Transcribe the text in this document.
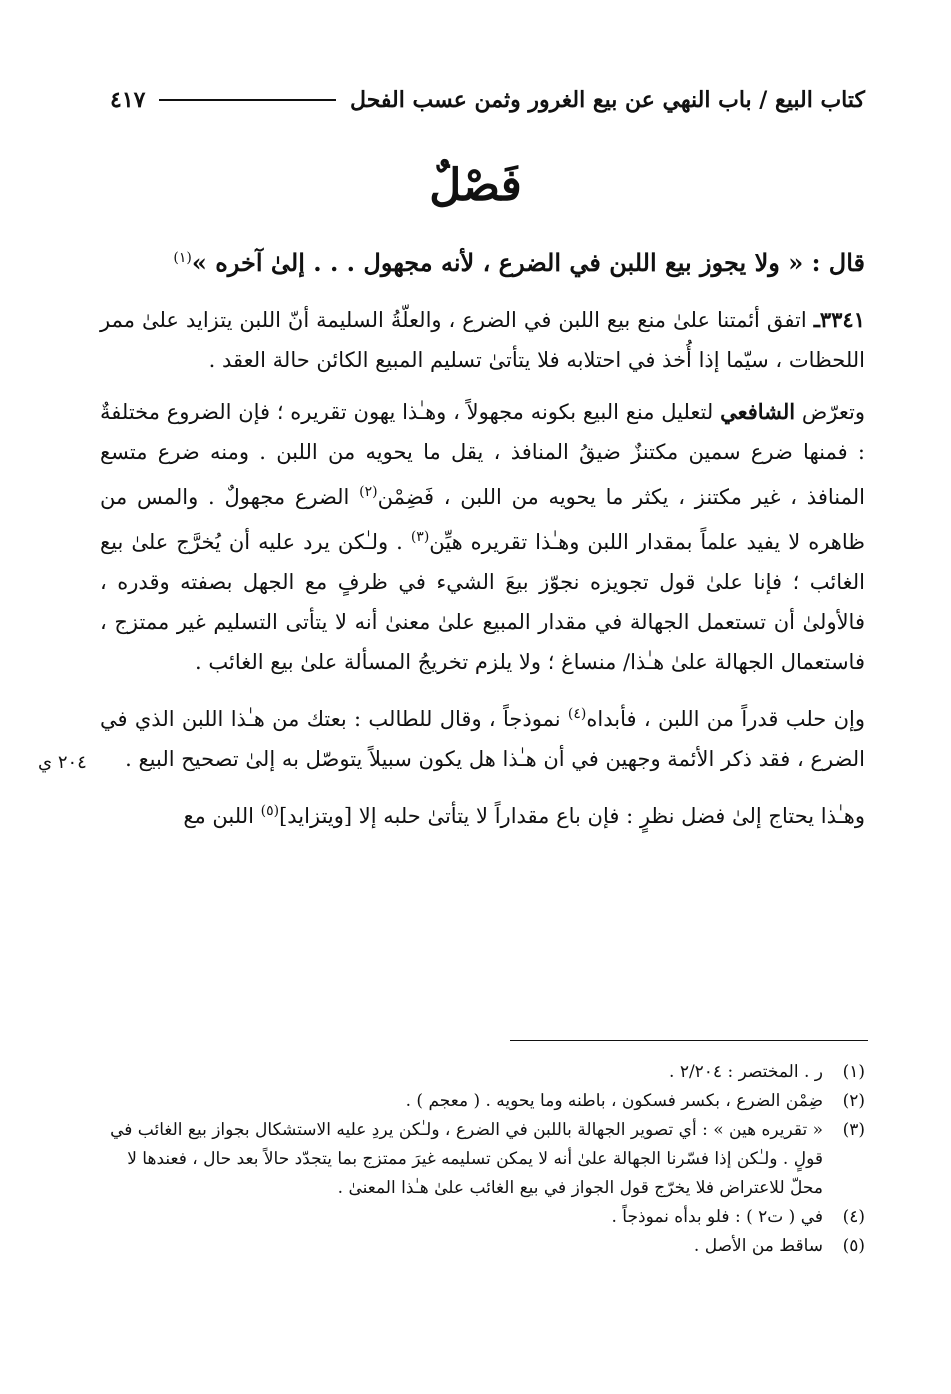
كتاب البيع / باب النهي عن بيع الغرور وثمن عسب الفحل
٤١٧
فَصْلٌ
قال : « ولا يجوز بيع اللبن في الضرع ، لأنه مجهول . . . إلىٰ آخره »$^{(١)}$

٣٣٤١ـ اتفق أئمتنا علىٰ منع بيع اللبن في الضرع ، والعلّةُ السليمة أنّ اللبن يتزايد علىٰ ممر اللحظات ، سيّما إذا أُخذ في احتلابه فلا يتأتىٰ تسليم المبيع الكائن حالة العقد .

وتعرّض الشافعي لتعليل منع البيع بكونه مجهولاً ، وهـٰذا يهون تقريره ؛ فإن الضروع مختلفةٌ : فمنها ضرع سمين مكتنزٌ ضيقُ المنافذ ، يقل ما يحويه من اللبن . ومنه ضرع متسع المنافذ ، غير مكتنز ، يكثر ما يحويه من اللبن ، فَضِمْن$^{(٢)}$ الضرع مجهولٌ . والمس من ظاهره لا يفيد علماً بمقدار اللبن وهـٰذا تقريره هيِّن$^{(٣)}$ . ولـٰكن يرد عليه أن يُخرَّج علىٰ بيع الغائب ؛ فإنا علىٰ قول تجويزه نجوّز بيعَ الشيء في ظرفٍ مع الجهل بصفته وقدره ، فالأولىٰ أن تستعمل الجهالة في مقدار المبيع علىٰ معنىٰ أنه لا يتأتى التسليم غير ممتزج ، فاستعمال الجهالة علىٰ هـٰذا/ منساغ ؛ ولا يلزم تخريجُ المسألة علىٰ بيع الغائب .

وإن حلب قدراً من اللبن ، فأبداه$^{(٤)}$ نموذجاً ، وقال للطالب : بعتك من هـٰذا اللبن الذي في الضرع ، فقد ذكر الأئمة وجهين في أن هـٰذا هل يكون سبيلاً يتوصّل به إلىٰ تصحيح البيع .

وهـٰذا يحتاج إلىٰ فضل نظرٍ : فإن باع مقداراً لا يتأتىٰ حلبه إلا [ويتزايد]$^{(٥)}$ اللبن مع

٢٠٤ ي
(١)
ر . المختصر : ٢/٢٠٤ .
(٢)
ضِمْن الضرع ، بكسر فسكون ، باطنه وما يحويه . ( معجم ) .
(٣)
« تقريره هين » : أي تصوير الجهالة باللبن في الضرع ، ولـٰكن يردِ عليه الاستشكال بجواز بيع الغائب في قولٍ . ولـٰكن إذا فسّرنا الجهالة علىٰ أنه لا يمكن تسليمه غيرَ ممتزج بما يتجدّد حالاً بعد حال ، فعندها لا محلّ للاعتراض فلا يخرّج قول الجواز في بيع الغائب علىٰ هـٰذا المعنىٰ .
(٤)
في ( ت٢ ) : فلو بدأه نموذجاً .
(٥)
ساقط من الأصل .
